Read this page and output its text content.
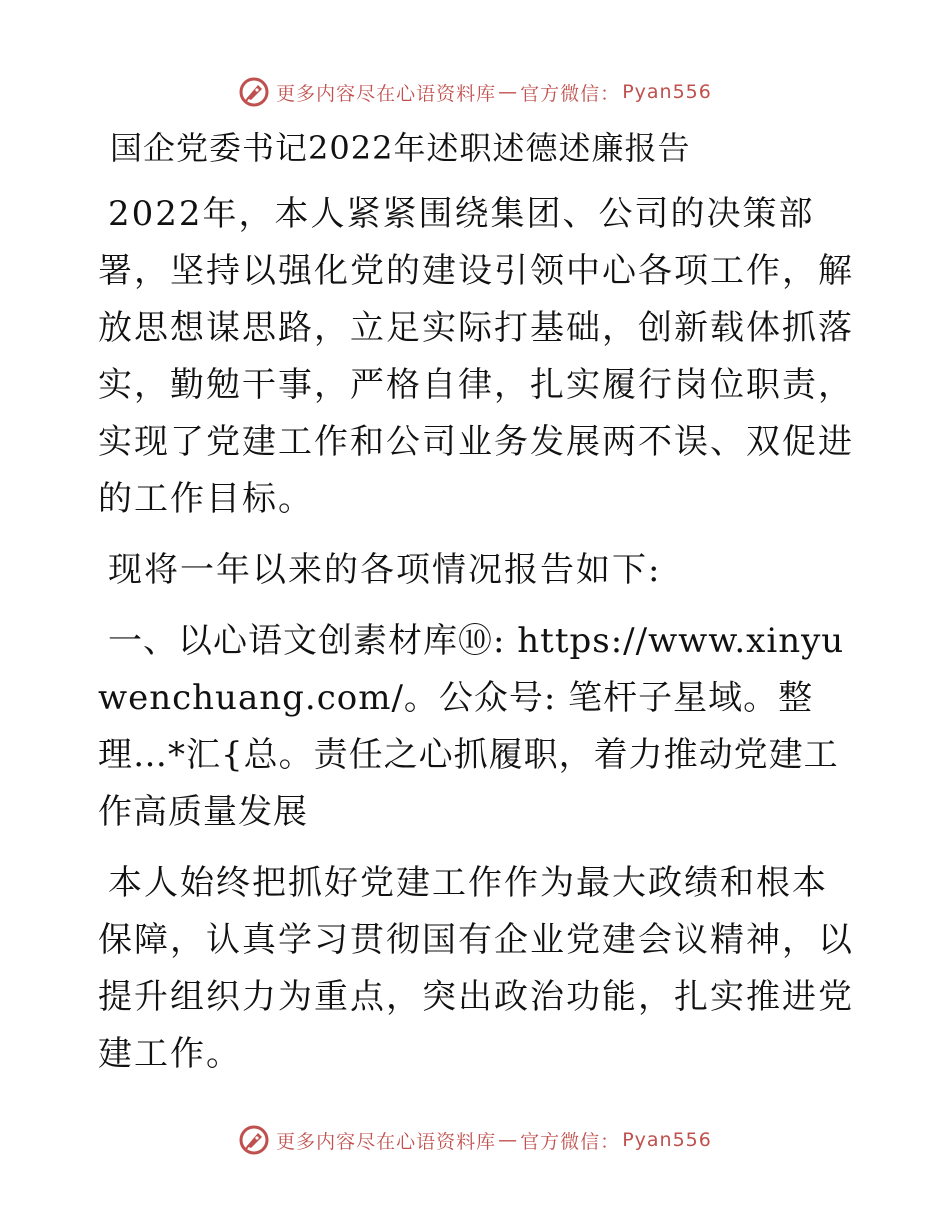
更多内容尽在心语资料库 — 官方微信： Pyan556
国企党委书记2022年述职述德述廉报告

2022年，本人紧紧围绕集团、公司的决策部署，坚持以强化党的建设引领中心各项工作，解放思想谋思路，立足实际打基础，创新载体抓落实，勤勉干事，严格自律，扎实履行岗位职责，实现了党建工作和公司业务发展两不误、双促进的工作目标。

现将一年以来的各项情况报告如下:

一、以心语文创素材库⑩: https://www.xinyuwenchuang.com/。公众号: 笔杆子星域。整理…*汇{总。责任之心抓履职，着力推动党建工作高质量发展

本人始终把抓好党建工作作为最大政绩和根本保障，认真学习贯彻国有企业党建会议精神，以提升组织力为重点，突出政治功能，扎实推进党建工作。

更多内容尽在心语资料库 — 官方微信： Pyan556
